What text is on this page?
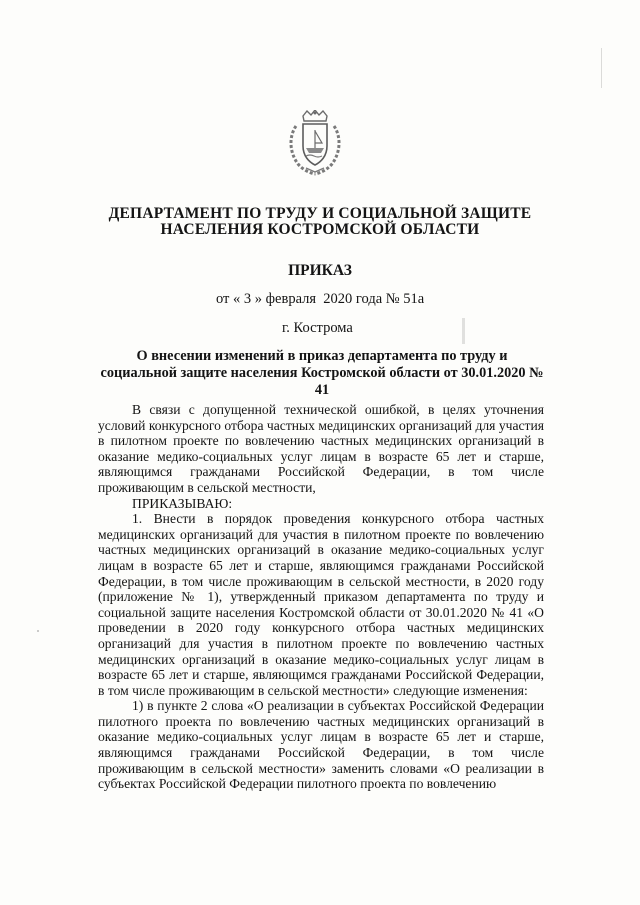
ДЕПАРТАМЕНТ ПО ТРУДУ И СОЦИАЛЬНОЙ ЗАЩИТЕ
НАСЕЛЕНИЯ КОСТРОМСКОЙ ОБЛАСТИ
ПРИКАЗ
от « 3 » февраля  2020 года № 51а
г. Кострома
О внесении изменений в приказ департамента по труду и социальной защите населения Костромской области от 30.01.2020 № 41

В связи с допущенной технической ошибкой, в целях уточнения условий конкурсного отбора частных медицинских организаций для участия в пилотном проекте по вовлечению частных медицинских организаций в оказание медико-социальных услуг лицам в возрасте 65 лет и старше, являющимся гражданами Российской Федерации, в том числе проживающим в сельской местности,

ПРИКАЗЫВАЮ:

1. Внести в порядок проведения конкурсного отбора частных медицинских организаций для участия в пилотном проекте по вовлечению частных медицинских организаций в оказание медико-социальных услуг лицам в возрасте 65 лет и старше, являющимся гражданами Российской Федерации, в том числе проживающим в сельской местности, в 2020 году (приложение № 1), утвержденный приказом департамента по труду и социальной защите населения Костромской области от 30.01.2020 № 41 «О проведении в 2020 году конкурсного отбора частных медицинских организаций для участия в пилотном проекте по вовлечению частных медицинских организаций в оказание медико-социальных услуг лицам в возрасте 65 лет и старше, являющимся гражданами Российской Федерации, в том числе проживающим в сельской местности» следующие изменения:

1) в пункте 2 слова «О реализации в субъектах Российской Федерации пилотного проекта по вовлечению частных медицинских организаций в оказание медико-социальных услуг лицам в возрасте 65 лет и старше, являющимся гражданами Российской Федерации, в том числе проживающим в сельской местности» заменить словами «О реализации в субъектах Российской Федерации пилотного проекта по вовлечению
